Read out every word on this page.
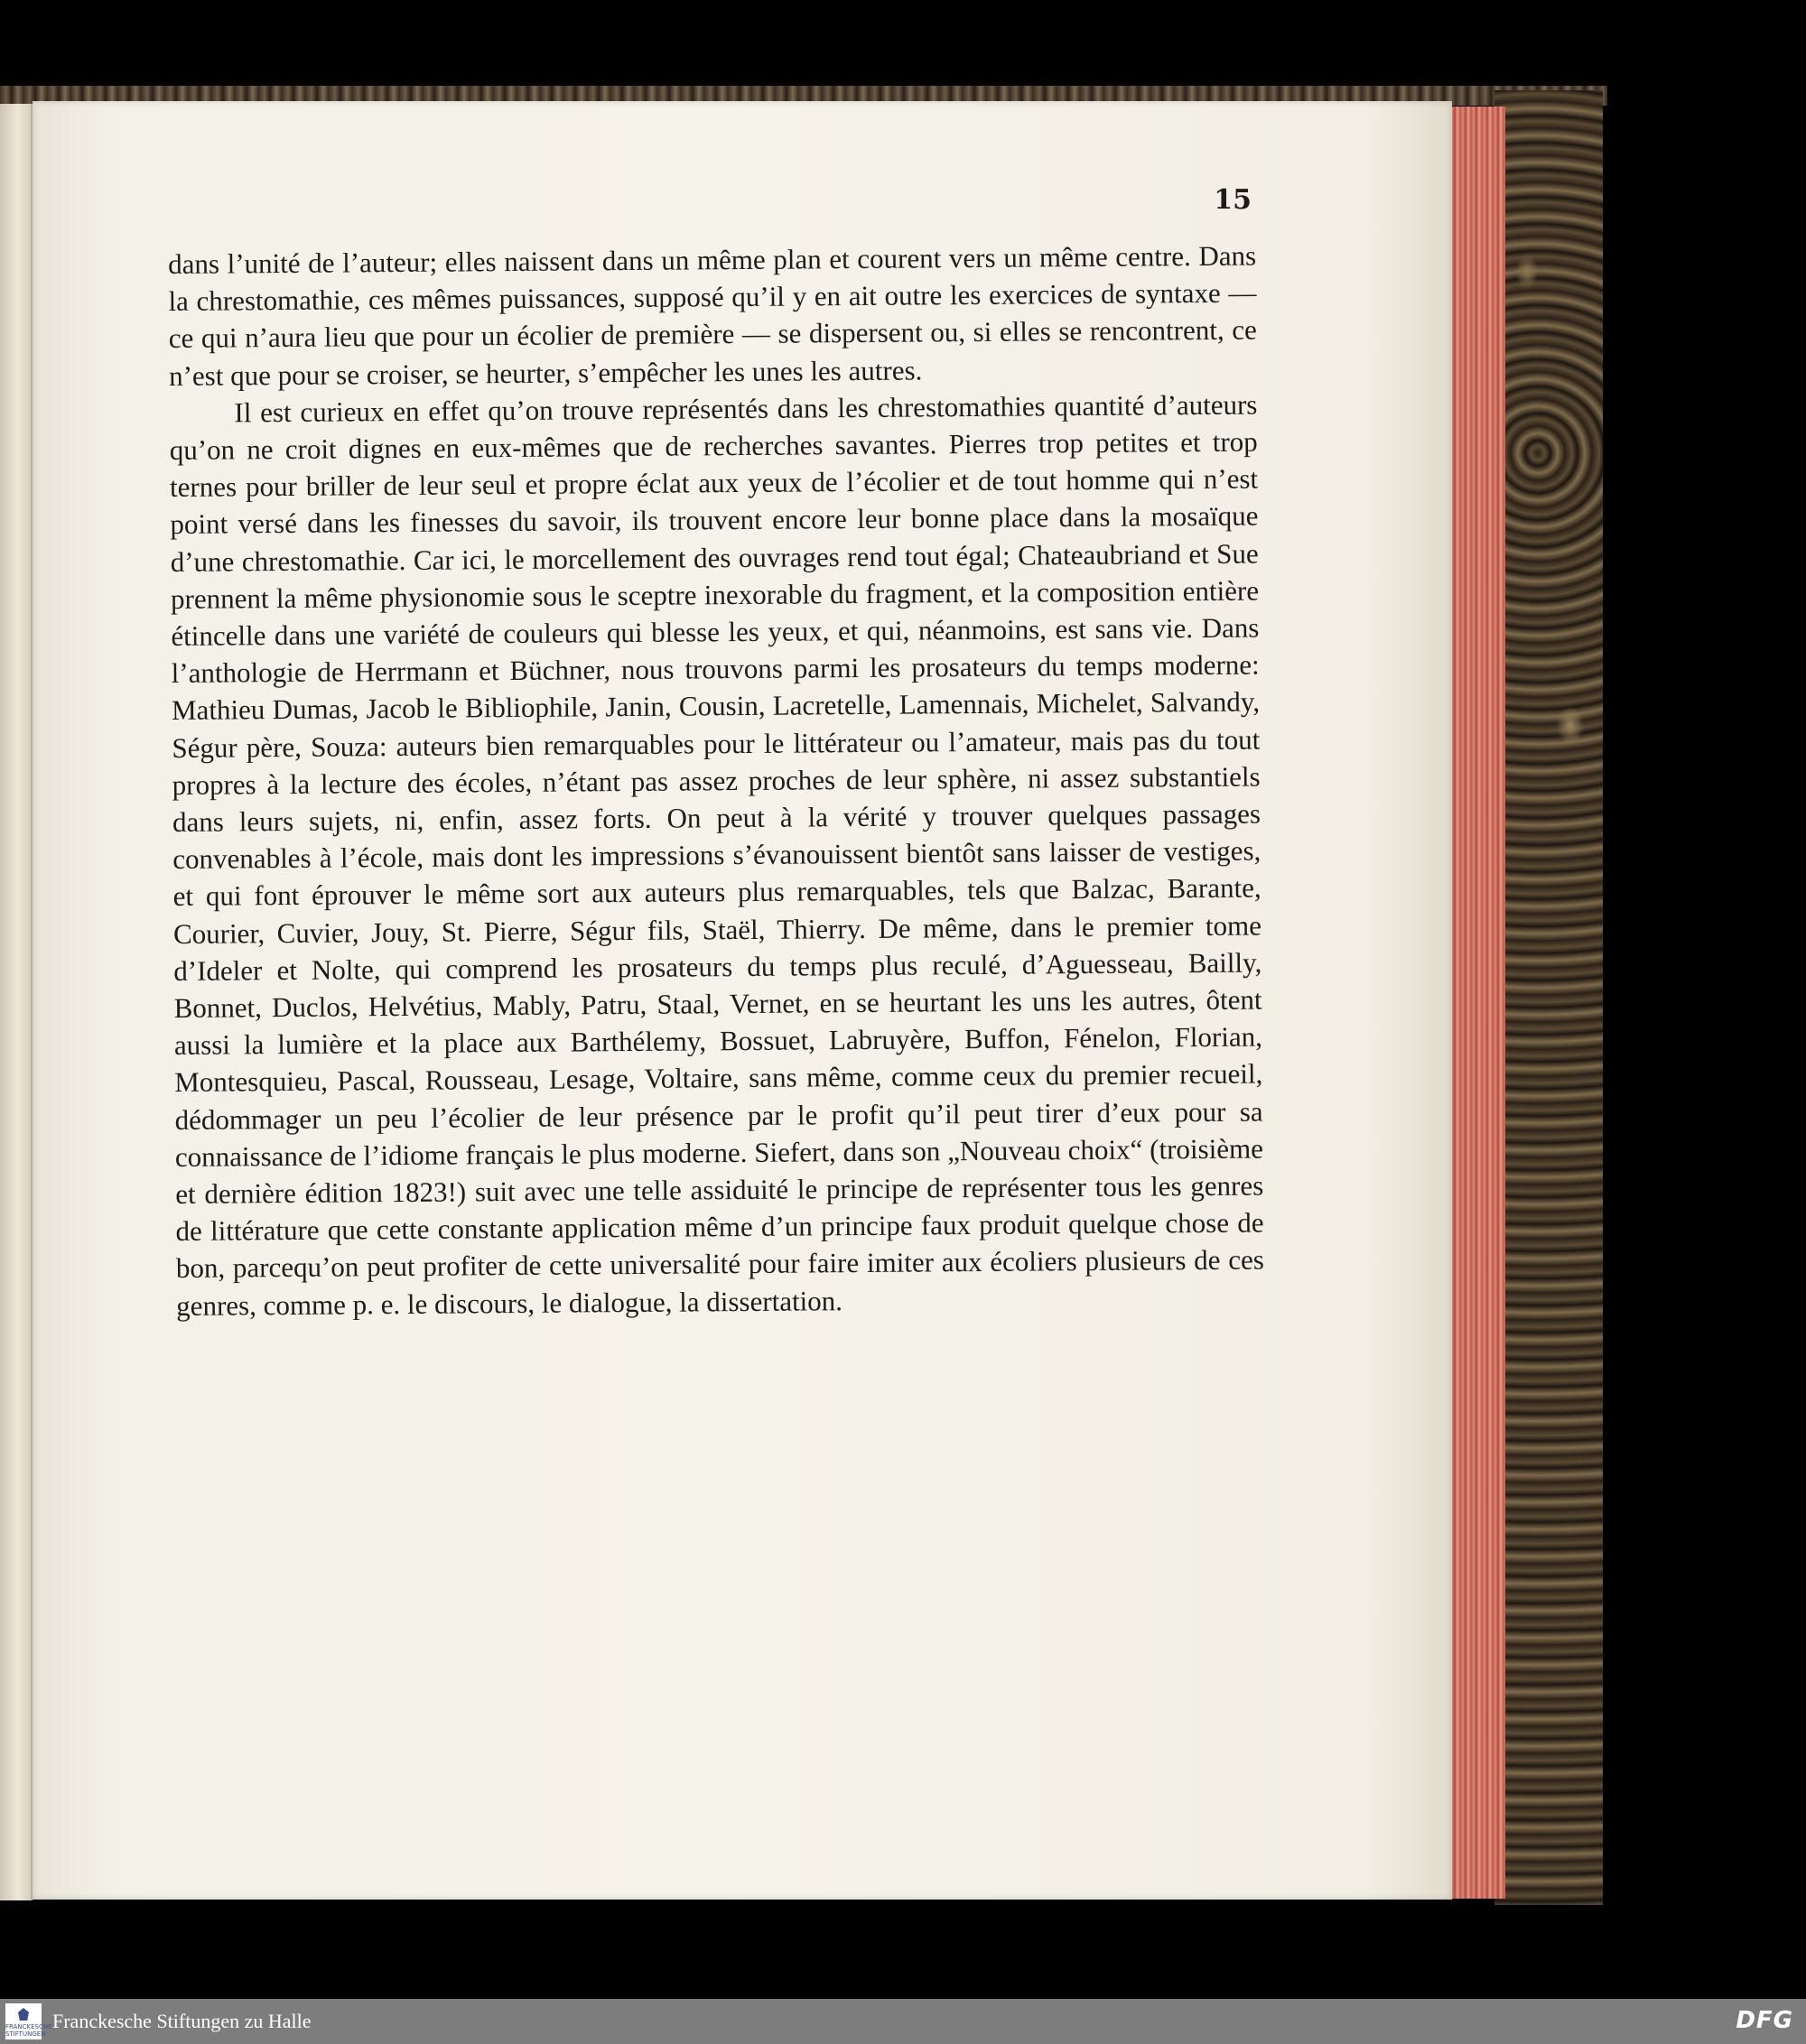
15

dans l’unité de l’auteur; elles naissent dans un même plan et courent vers un même centre. Dans la chrestomathie, ces mêmes puissances, supposé qu’il y en ait outre les exercices de syntaxe — ce qui n’aura lieu que pour un écolier de première — se dispersent ou, si elles se rencontrent, ce n’est que pour se croiser, se heurter, s’empêcher les unes les autres.

Il est curieux en effet qu’on trouve représentés dans les chrestomathies quantité d’auteurs qu’on ne croit dignes en eux-mêmes que de recherches savantes. Pierres trop petites et trop ternes pour briller de leur seul et propre éclat aux yeux de l’écolier et de tout homme qui n’est point versé dans les finesses du savoir, ils trouvent encore leur bonne place dans la mosaïque d’une chrestomathie. Car ici, le morcellement des ouvrages rend tout égal; Chateaubriand et Sue prennent la même physionomie sous le sceptre inexorable du fragment, et la composition entière étincelle dans une variété de couleurs qui blesse les yeux, et qui, néanmoins, est sans vie. Dans l’anthologie de Herrmann et Büchner, nous trouvons parmi les prosateurs du temps moderne: Mathieu Dumas, Jacob le Bibliophile, Janin, Cousin, Lacretelle, Lamennais, Michelet, Salvandy, Ségur père, Souza: auteurs bien remarquables pour le littérateur ou l’amateur, mais pas du tout propres à la lecture des écoles, n’étant pas assez proches de leur sphère, ni assez substantiels dans leurs sujets, ni, enfin, assez forts. On peut à la vérité y trouver quelques passages convenables à l’école, mais dont les impressions s’évanouissent bientôt sans laisser de vestiges, et qui font éprouver le même sort aux auteurs plus remarquables, tels que Balzac, Barante, Courier, Cuvier, Jouy, St. Pierre, Ségur fils, Staël, Thierry. De même, dans le premier tome d’Ideler et Nolte, qui comprend les prosateurs du temps plus reculé, d’Aguesseau, Bailly, Bonnet, Duclos, Helvétius, Mably, Patru, Staal, Vernet, en se heurtant les uns les autres, ôtent aussi la lumière et la place aux Barthélemy, Bossuet, Labruyère, Buffon, Fénelon, Florian, Montesquieu, Pascal, Rousseau, Lesage, Voltaire, sans même, comme ceux du premier recueil, dédommager un peu l’écolier de leur présence par le profit qu’il peut tirer d’eux pour sa connaissance de l’idiome français le plus moderne. Siefert, dans son „Nouveau choix“ (troisième et dernière édition 1823!) suit avec une telle assiduité le principe de représenter tous les genres de littérature que cette constante application même d’un principe faux produit quelque chose de bon, parcequ’on peut profiter de cette universalité pour faire imiter aux écoliers plusieurs de ces genres, comme p. e. le discours, le dialogue, la dissertation.

FRANCKESCHE STIFTUNGEN
Franckesche Stiftungen zu Halle	DFG
